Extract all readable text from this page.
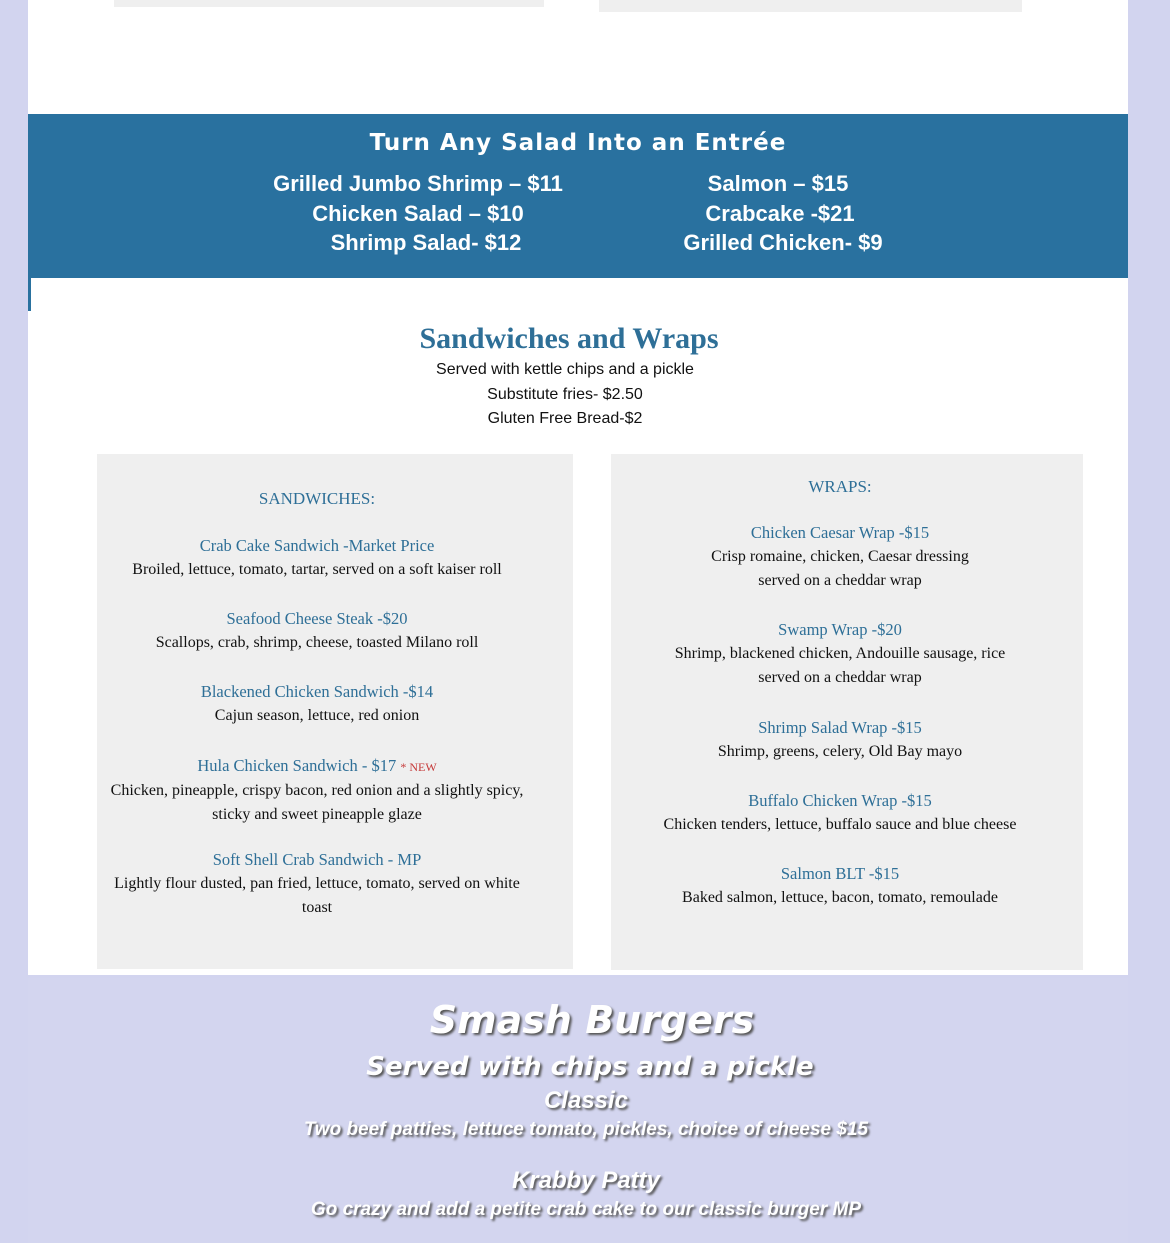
Turn Any Salad Into an Entrée
Grilled Jumbo Shrimp – $11
Chicken Salad – $10
Shrimp Salad- $12
Salmon – $15
Crabcake -$21
Grilled Chicken- $9
Sandwiches and Wraps
Served with kettle chips and a pickle
Substitute fries- $2.50
Gluten Free Bread-$2
SANDWICHES:
Crab Cake Sandwich -Market Price
Broiled, lettuce, tomato, tartar, served on a soft kaiser roll
Seafood Cheese Steak -$20
Scallops, crab, shrimp, cheese, toasted Milano roll
Blackened Chicken Sandwich -$14
Cajun season, lettuce, red onion
Hula Chicken Sandwich - $17 * NEW
Chicken, pineapple, crispy bacon, red onion and a slightly spicy,
sticky and sweet pineapple glaze
Soft Shell Crab Sandwich - MP
Lightly flour dusted, pan fried, lettuce, tomato, served on white
toast
WRAPS:
Chicken Caesar Wrap -$15
Crisp romaine, chicken, Caesar dressing
served on a cheddar wrap
Swamp Wrap -$20
Shrimp, blackened chicken, Andouille sausage, rice
served on a cheddar wrap
Shrimp Salad Wrap -$15
Shrimp, greens, celery, Old Bay mayo
Buffalo Chicken Wrap -$15
Chicken tenders, lettuce, buffalo sauce and blue cheese
Salmon BLT -$15
Baked salmon, lettuce, bacon, tomato, remoulade
Smash Burgers
Served with chips and a pickle
Classic
Two beef patties, lettuce tomato, pickles, choice of cheese $15
Krabby Patty
Go crazy and add a petite crab cake to our classic burger MP
